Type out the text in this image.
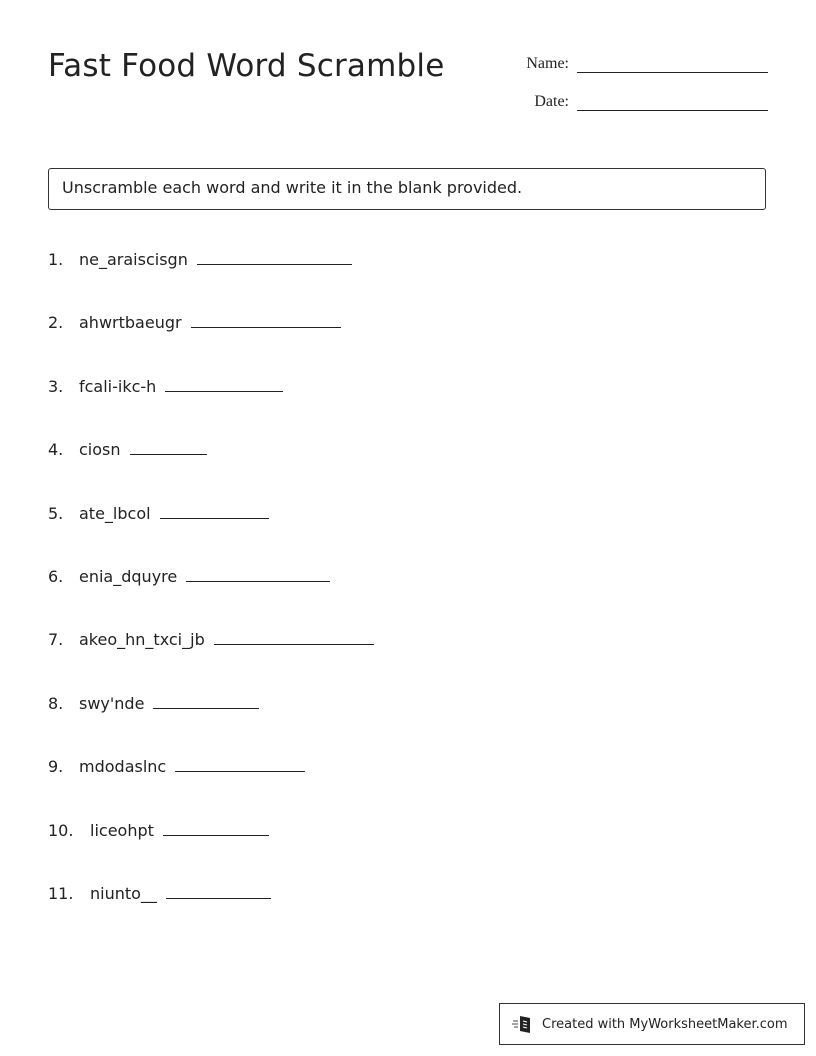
Fast Food Word Scramble	Name:
Date:
Unscramble each word and write it in the blank provided.
1. ne_araiscisgn
2. ahwrtbaeugr
3. fcali-ikc-h
4. ciosn
5. ate_lbcol
6. enia_dquyre
7. akeo_hn_txci_jb
8. swy'nde
9. mdodaslnc
10.	liceohpt
11.	niunto__
Created with MyWorksheetMaker.com
